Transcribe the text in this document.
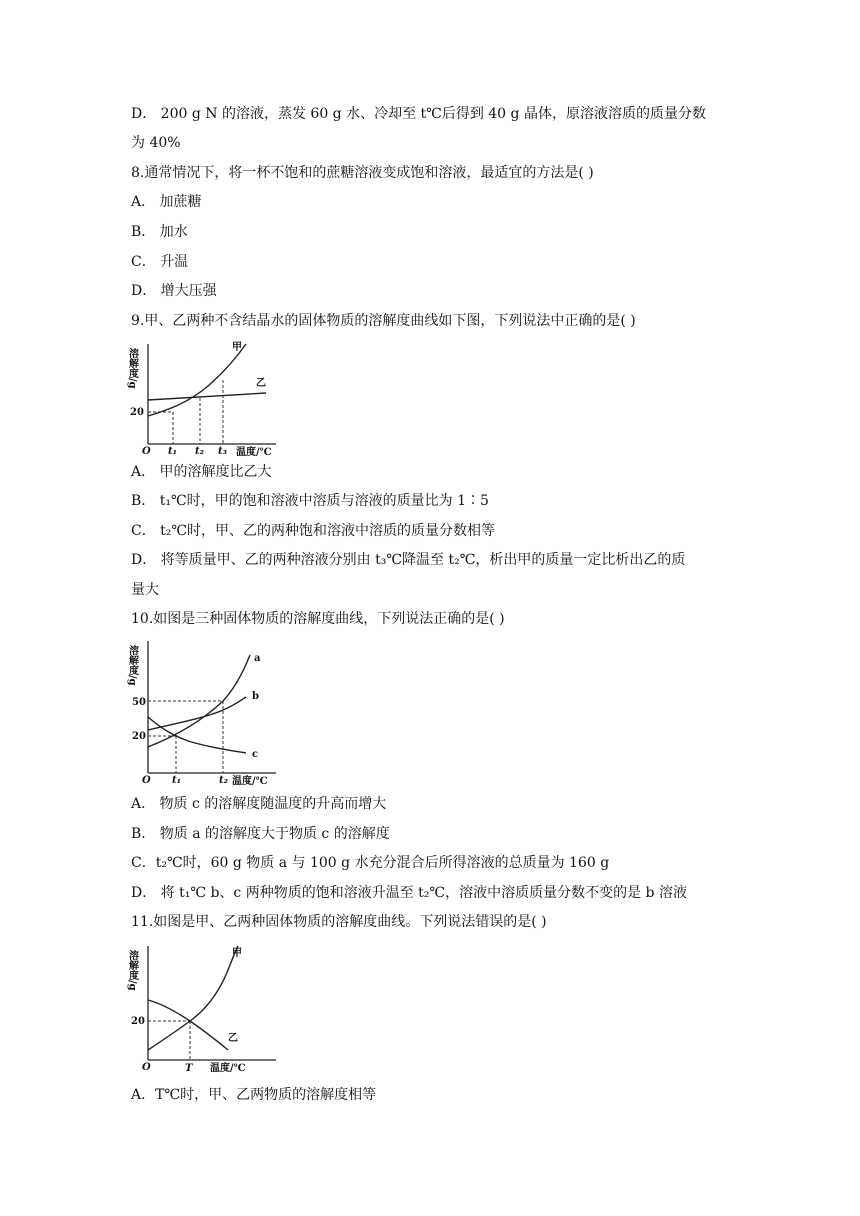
D． 200 g N 的溶液，蒸发 60 g 水、冷却至 t℃后得到 40 g 晶体，原溶液溶质的质量分数
为 40%
8.通常情况下，将一杯不饱和的蔗糖溶液变成饱和溶液，最适宜的方法是( )
A． 加蔗糖
B． 加水
C． 升温
D． 增大压强
9.甲、乙两种不含结晶水的固体物质的溶解度曲线如下图，下列说法中正确的是( )
溶解度/g
20
O t₁ t₂ t₃ 温度/℃
甲
乙
A． 甲的溶解度比乙大
B． t₁℃时，甲的饱和溶液中溶质与溶液的质量比为 1∶5
C． t₂℃时，甲、乙的两种饱和溶液中溶质的质量分数相等
D． 将等质量甲、乙的两种溶液分别由 t₃℃降温至 t₂℃，析出甲的质量一定比析出乙的质
量大
10.如图是三种固体物质的溶解度曲线，下列说法正确的是( )
溶解度/g
50
20
O t₁	t₂ 温度/℃
a
b
c
A． 物质 c 的溶解度随温度的升高而增大
B． 物质 a 的溶解度大于物质 c 的溶解度
C．t₂℃时，60 g 物质 a 与 100 g 水充分混合后所得溶液的总质量为 160 g
D． 将 t₁℃ b、c 两种物质的饱和溶液升温至 t₂℃，溶液中溶质质量分数不变的是 b 溶液
11.如图是甲、乙两种固体物质的溶解度曲线。下列说法错误的是( )
溶解度/g
20
O	T 温度/℃
甲
乙
A．T℃时，甲、乙两物质的溶解度相等
